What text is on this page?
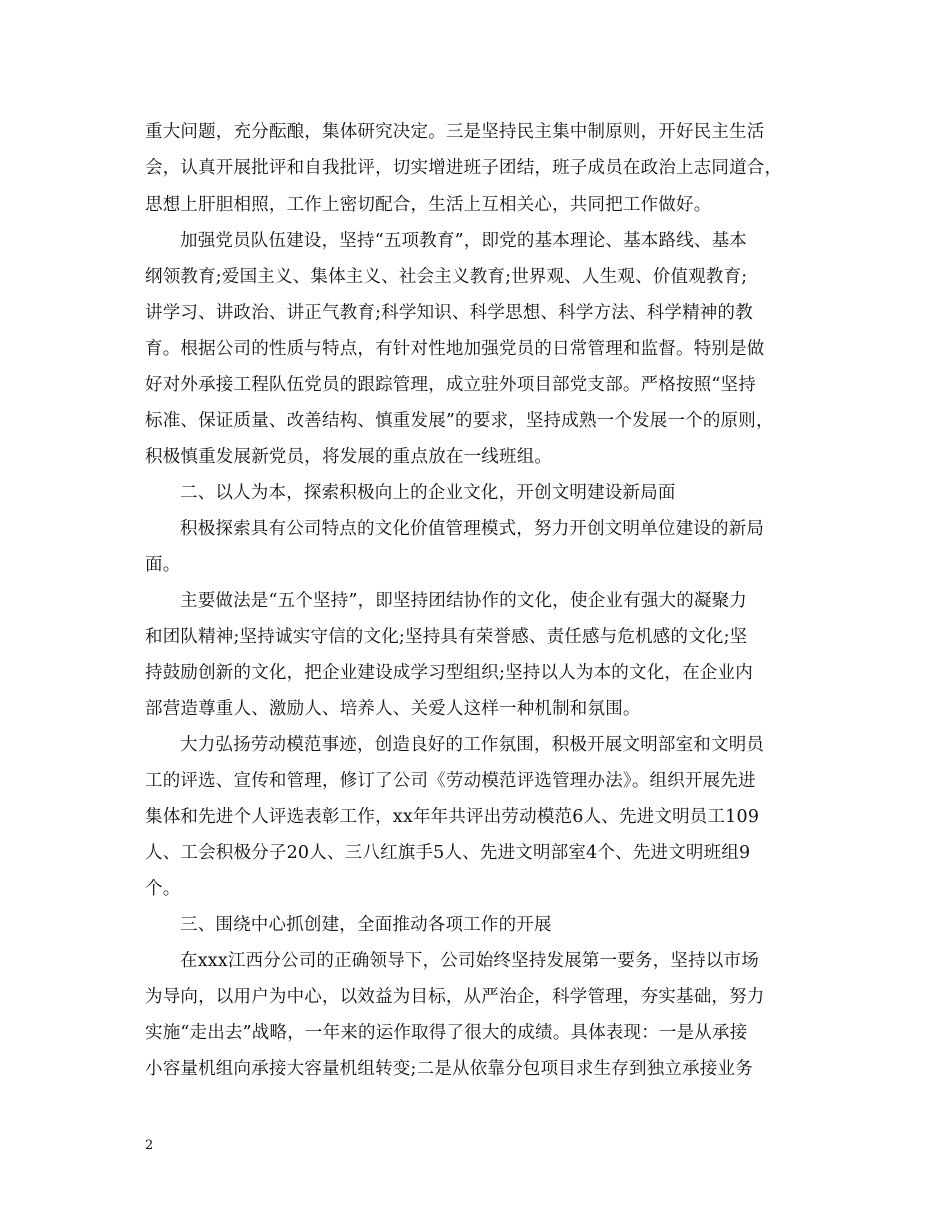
重大问题，充分酝酿，集体研究决定。三是坚持民主集中制原则，开好民主生活
会，认真开展批评和自我批评，切实增进班子团结，班子成员在政治上志同道合，
思想上肝胆相照，工作上密切配合，生活上互相关心，共同把工作做好。
加强党员队伍建设，坚持“五项教育”，即党的基本理论、基本路线、基本
纲领教育;爱国主义、集体主义、社会主义教育;世界观、人生观、价值观教育;
讲学习、讲政治、讲正气教育;科学知识、科学思想、科学方法、科学精神的教
育。根据公司的性质与特点，有针对性地加强党员的日常管理和监督。特别是做
好对外承接工程队伍党员的跟踪管理，成立驻外项目部党支部。严格按照“坚持
标准、保证质量、改善结构、慎重发展”的要求，坚持成熟一个发展一个的原则，
积极慎重发展新党员，将发展的重点放在一线班组。
二、以人为本，探索积极向上的企业文化，开创文明建设新局面
积极探索具有公司特点的文化价值管理模式，努力开创文明单位建设的新局
面。
主要做法是“五个坚持”，即坚持团结协作的文化，使企业有强大的凝聚力
和团队精神;坚持诚实守信的文化;坚持具有荣誉感、责任感与危机感的文化;坚
持鼓励创新的文化，把企业建设成学习型组织;坚持以人为本的文化，在企业内
部营造尊重人、激励人、培养人、关爱人这样一种机制和氛围。
大力弘扬劳动模范事迹，创造良好的工作氛围，积极开展文明部室和文明员
工的评选、宣传和管理，修订了公司《劳动模范评选管理办法》。组织开展先进
集体和先进个人评选表彰工作，xx年年共评出劳动模范6人、先进文明员工109
人、工会积极分子20人、三八红旗手5人、先进文明部室4个、先进文明班组9
个。
三、围绕中心抓创建，全面推动各项工作的开展
在xxx江西分公司的正确领导下，公司始终坚持发展第一要务，坚持以市场
为导向，以用户为中心，以效益为目标，从严治企，科学管理，夯实基础，努力
实施“走出去”战略，一年来的运作取得了很大的成绩。具体表现：一是从承接
小容量机组向承接大容量机组转变;二是从依靠分包项目求生存到独立承接业务
2
